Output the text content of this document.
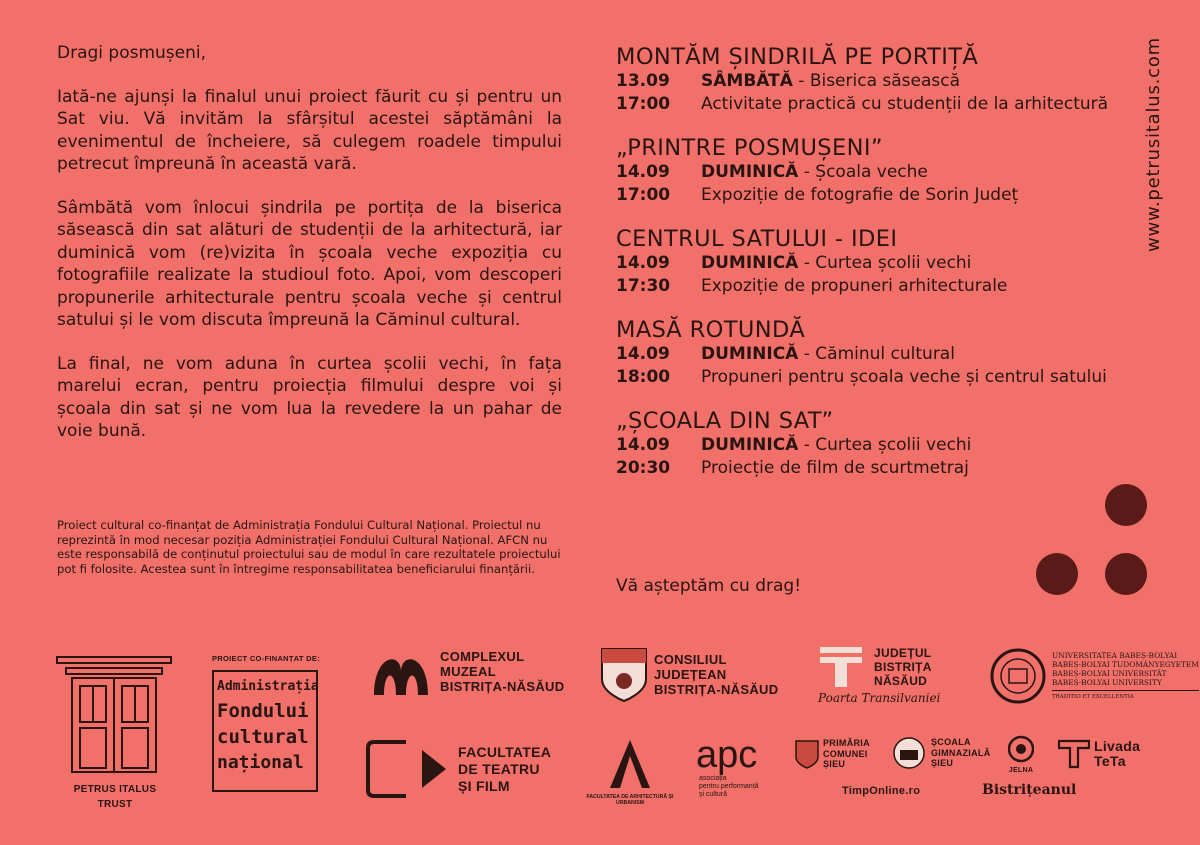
Dragi posmușeni,

Iată-ne ajunși la finalul unui proiect făurit cu și pentru un Sat viu. Vă invităm la sfârșitul acestei săptămâni la evenimentul de încheiere, să culegem roadele timpului petrecut împreună în această vară.

Sâmbătă vom înlocui șindrila pe portița de la biserica săsească din sat alături de studenții de la arhitectură, iar duminică vom (re)vizita în școala veche expoziția cu fotografiile realizate la studioul foto. Apoi, vom descoperi propunerile arhitecturale pentru școala veche și centrul satului și le vom discuta împreună la Căminul cultural.

La final, ne vom aduna în curtea școlii vechi, în fața marelui ecran, pentru proiecția filmului despre voi și școala din sat și ne vom lua la revedere la un pahar de voie bună.

Proiect cultural co-finanțat de Administrația Fondului Cultural Național. Proiectul nu reprezintă în mod necesar poziția Administrației Fondului Cultural Național. AFCN nu este responsabilă de conținutul proiectului sau de modul în care rezultatele proiectului pot fi folosite. Acestea sunt în întregime responsabilitatea beneficiarului finanțării.
MONTĂM ȘINDRILĂ PE PORTIȚĂ
13.09	SÂMBĂTĂ - Biserica săsească
17:00	Activitate practică cu studenții de la arhitectură
„PRINTRE POSMUȘENI”
14.09	DUMINICĂ - Școala veche
17:00	Expoziție de fotografie de Sorin Județ
CENTRUL SATULUI - IDEI
14.09	DUMINICĂ - Curtea școlii vechi
17:30	Expoziție de propuneri arhitecturale
MASĂ ROTUNDĂ
14.09	DUMINICĂ - Căminul cultural
18:00	Propuneri pentru școala veche și centrul satului
„ȘCOALA DIN SAT”
14.09	DUMINICĂ - Curtea școlii vechi
20:30	Proiecție de film de scurtmetraj
Vă așteptăm cu drag!
www.petrusitalus.com
PETRUS ITALUS TRUST
PROIECT CO-FINANȚAT DE:
Administrația
Fondului
cultural
național
COMPLEXUL
MUZEAL
BISTRIȚA-NĂSĂUD
CONSILIUL
JUDEȚEAN
BISTRIȚA-NĂSĂUD
JUDEȚUL
BISTRIȚA
NĂSĂUD
Poarta Transilvaniei
UNIVERSITATEA BABEȘ-BOLYAI
BABEȘ-BOLYAI TUDOMÁNYEGYETEM
BABEȘ-BOLYAI UNIVERSITÄT
BABEȘ-BOLYAI UNIVERSITY
TRADITIO ET EXCELLENTIA
FACULTATEA
DE TEATRU
ȘI FILM
FACULTATEA DE ARHITECTURĂ ȘI URBANISM
apc
asociația
pentru performanță
și cultură
PRIMĂRIA
COMUNEI
ȘIEU
ȘCOALA
GIMNAZIALĂ
ȘIEU
JELNA
Livada
TeTa
TimpOnline.ro	Bistrițeanul
